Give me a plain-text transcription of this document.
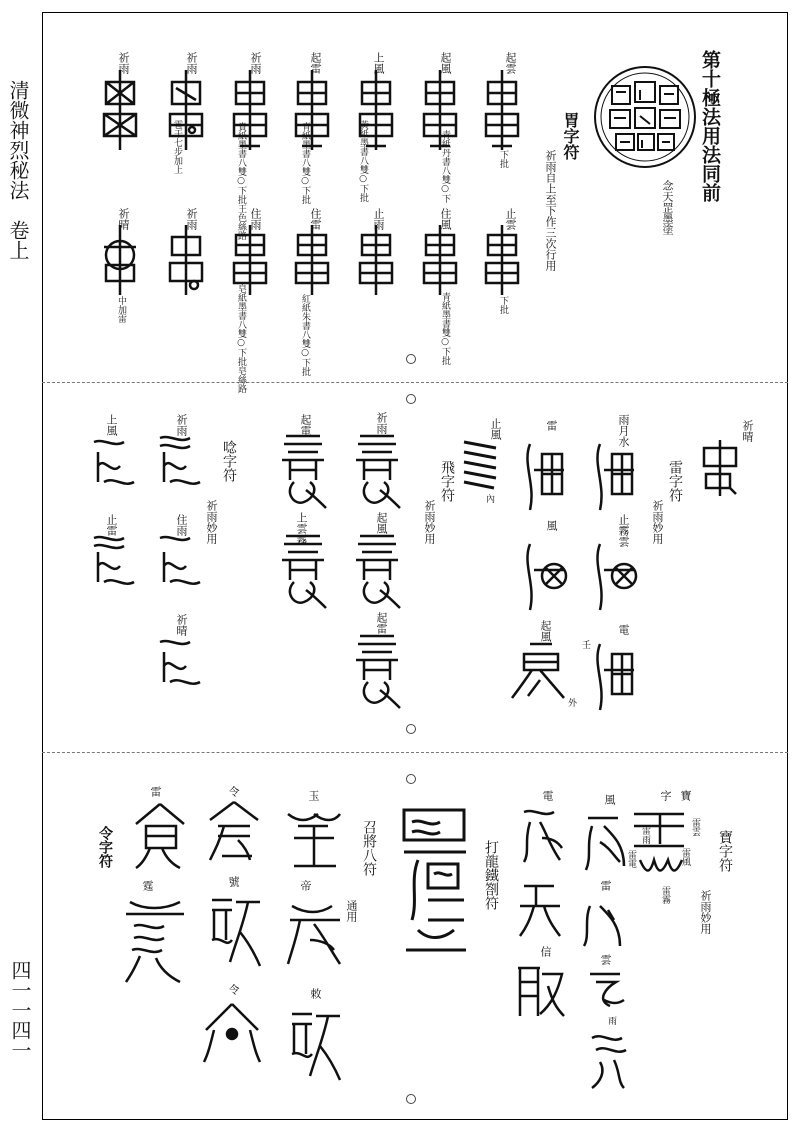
清微神烈秘法　卷上
四一一四一
第十極法用法同前
念天罡墨塗
胃字符
祈雨自上至下作三次行用
起雲
起風
上風
起雷
祈雨
祈雨
祈雨
下批
青紙丹書八雙○下
黃紙墨書八雙○下批
青紙墨書八雙○下批
貴紙墨書八雙○下批王色絲路
雹干七步加上
止雲
住風
止雨
住雷
住雨
祈雨
祈晴
下批
青紙墨書雙○下批
紅紙朱書八雙○下批
皂紙墨書八雙○下批皂絲路
中加雷
祈晴
雷字符
祈雨妙用
雨月水
止霧雲
雷
風
電
起風
壬
外
內
止風
飛字符
祈雨妙用
祈雨
起電
起風
上雲霧
起雷
唸字符
祈雨妙用
祈雨
上風
住雨
止雷
祈晴
寶字符
祈雨妙用
寶
字
雷雲
雷風
雷雨
雷電
雷霧
風
雷
雲
雨
電
打龍鐵劄符
信
召將八符
通用
玉
帝
敕
令
號
令
雷
霆
令字符
